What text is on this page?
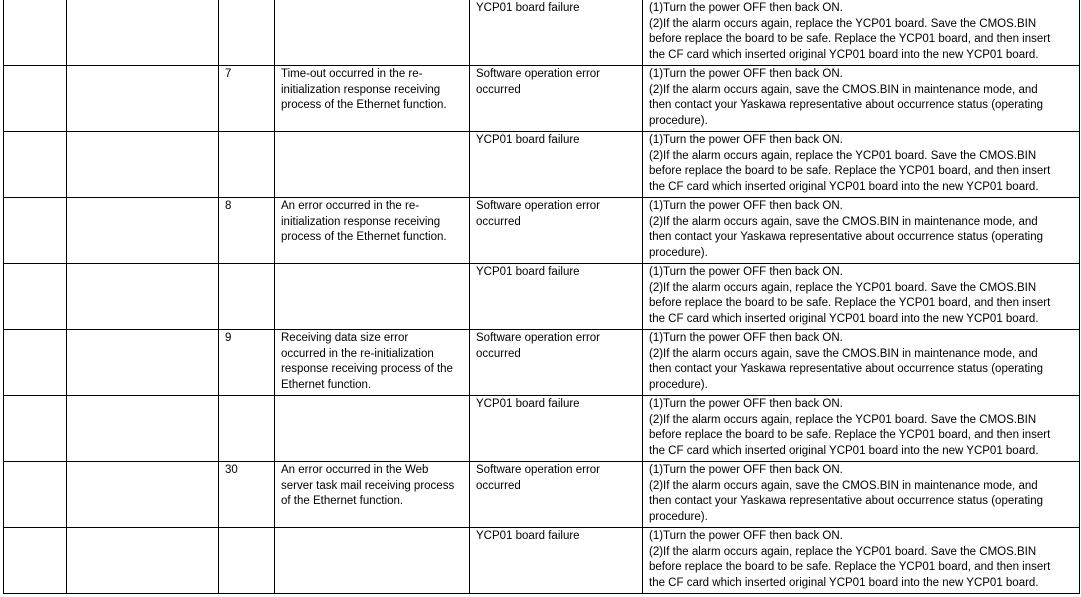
				YCP01 board failure	(1)Turn the power OFF then back ON.
(2)If the alarm occurs again, replace the YCP01 board. Save the CMOS.BIN
before replace the board to be safe. Replace the YCP01 board, and then insert
the CF card which inserted original YCP01 board into the new YCP01 board.

		7	Time-out occurred in the re-
initialization response receiving
process of the Ethernet function.	Software operation error
occurred	(1)Turn the power OFF then back ON.
(2)If the alarm occurs again, save the CMOS.BIN in maintenance mode, and
then contact your Yaskawa representative about occurrence status (operating
procedure).

				YCP01 board failure	(1)Turn the power OFF then back ON.
(2)If the alarm occurs again, replace the YCP01 board. Save the CMOS.BIN
before replace the board to be safe. Replace the YCP01 board, and then insert
the CF card which inserted original YCP01 board into the new YCP01 board.

		8	An error occurred in the re-
initialization response receiving
process of the Ethernet function.	Software operation error
occurred	(1)Turn the power OFF then back ON.
(2)If the alarm occurs again, save the CMOS.BIN in maintenance mode, and
then contact your Yaskawa representative about occurrence status (operating
procedure).

				YCP01 board failure	(1)Turn the power OFF then back ON.
(2)If the alarm occurs again, replace the YCP01 board. Save the CMOS.BIN
before replace the board to be safe. Replace the YCP01 board, and then insert
the CF card which inserted original YCP01 board into the new YCP01 board.

		9	Receiving data size error
occurred in the re-initialization
response receiving process of the
Ethernet function.	Software operation error
occurred	(1)Turn the power OFF then back ON.
(2)If the alarm occurs again, save the CMOS.BIN in maintenance mode, and
then contact your Yaskawa representative about occurrence status (operating
procedure).

				YCP01 board failure	(1)Turn the power OFF then back ON.
(2)If the alarm occurs again, replace the YCP01 board. Save the CMOS.BIN
before replace the board to be safe. Replace the YCP01 board, and then insert
the CF card which inserted original YCP01 board into the new YCP01 board.

		30	An error occurred in the Web
server task mail receiving process
of the Ethernet function.	Software operation error
occurred	(1)Turn the power OFF then back ON.
(2)If the alarm occurs again, save the CMOS.BIN in maintenance mode, and
then contact your Yaskawa representative about occurrence status (operating
procedure).

				YCP01 board failure	(1)Turn the power OFF then back ON.
(2)If the alarm occurs again, replace the YCP01 board. Save the CMOS.BIN
before replace the board to be safe. Replace the YCP01 board, and then insert
the CF card which inserted original YCP01 board into the new YCP01 board.
